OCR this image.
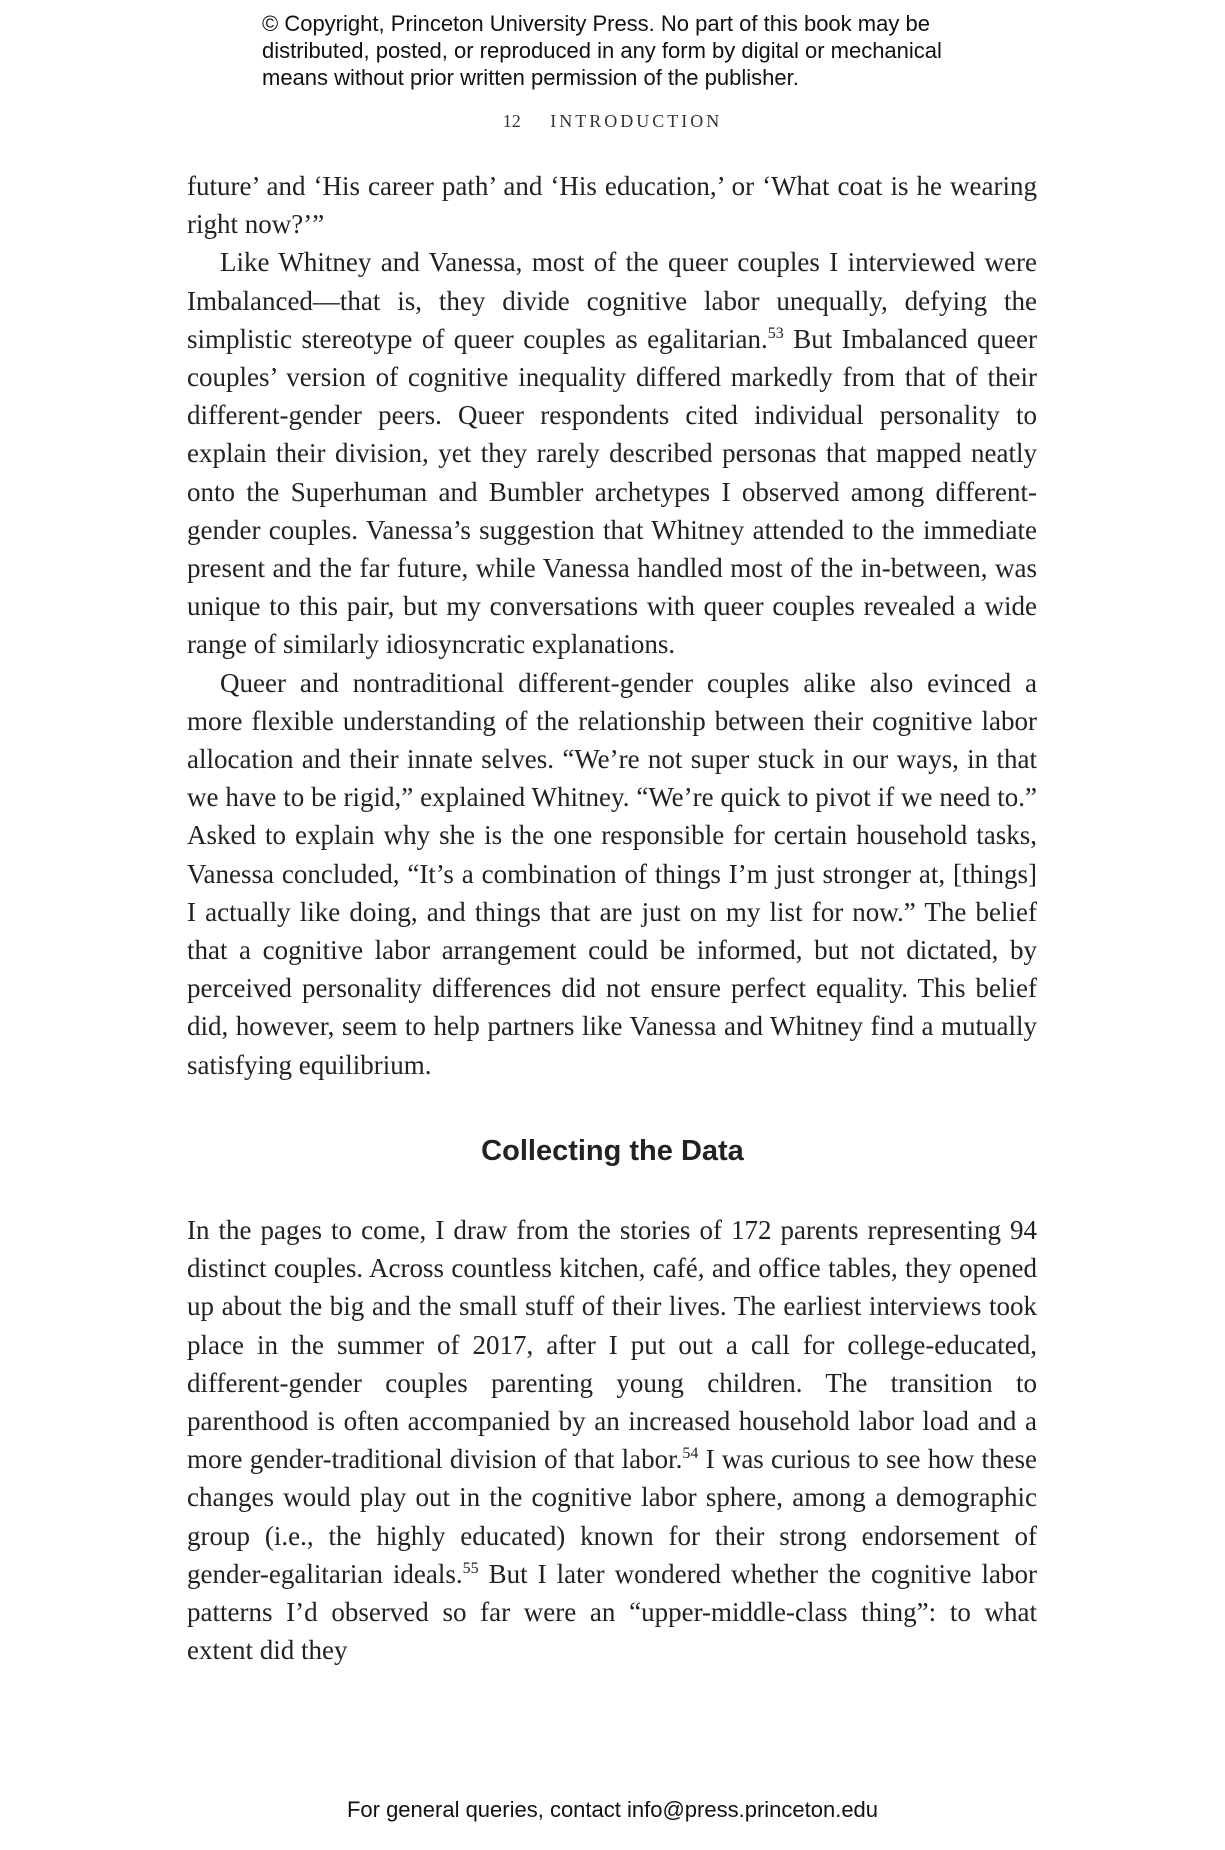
© Copyright, Princeton University Press. No part of this book may be
distributed, posted, or reproduced in any form by digital or mechanical
means without prior written permission of the publisher.
12 INTRODUCTION

future’ and ‘His career path’ and ‘His education,’ or ‘What coat is he wearing right now?’”

Like Whitney and Vanessa, most of the queer couples I interviewed were Imbalanced—that is, they divide cognitive labor unequally, defying the simplistic stereotype of queer couples as egalitarian.$^{53}$ But Imbalanced queer couples’ version of cognitive inequality differed markedly from that of their different-gender peers. Queer respondents cited individual personality to explain their division, yet they rarely described personas that mapped neatly onto the Superhuman and Bumbler archetypes I observed among different-gender couples. Vanessa’s suggestion that Whitney attended to the immediate present and the far future, while Vanessa handled most of the in-between, was unique to this pair, but my conversations with queer couples revealed a wide range of similarly idiosyncratic explanations.

Queer and nontraditional different-gender couples alike also evinced a more flexible understanding of the relationship between their cognitive labor allocation and their innate selves. “We’re not super stuck in our ways, in that we have to be rigid,” explained Whitney. “We’re quick to pivot if we need to.” Asked to explain why she is the one responsible for certain household tasks, Vanessa concluded, “It’s a combination of things I’m just stronger at, [things] I actually like doing, and things that are just on my list for now.” The belief that a cognitive labor arrangement could be informed, but not dictated, by perceived personality differences did not ensure perfect equality. This belief did, however, seem to help partners like Vanessa and Whitney find a mutually satisfying equilibrium.

Collecting the Data

In the pages to come, I draw from the stories of 172 parents representing 94 distinct couples. Across countless kitchen, café, and office tables, they opened up about the big and the small stuff of their lives. The earliest interviews took place in the summer of 2017, after I put out a call for college-educated, different-gender couples parenting young children. The transition to parenthood is often accompanied by an increased household labor load and a more gender-traditional division of that labor.$^{54}$ I was curious to see how these changes would play out in the cognitive labor sphere, among a demographic group (i.e., the highly educated) known for their strong endorsement of gender-egalitarian ideals.$^{55}$ But I later wondered whether the cognitive labor patterns I’d observed so far were an “upper-middle-class thing”: to what extent did they

For general queries, contact info@press.princeton.edu
